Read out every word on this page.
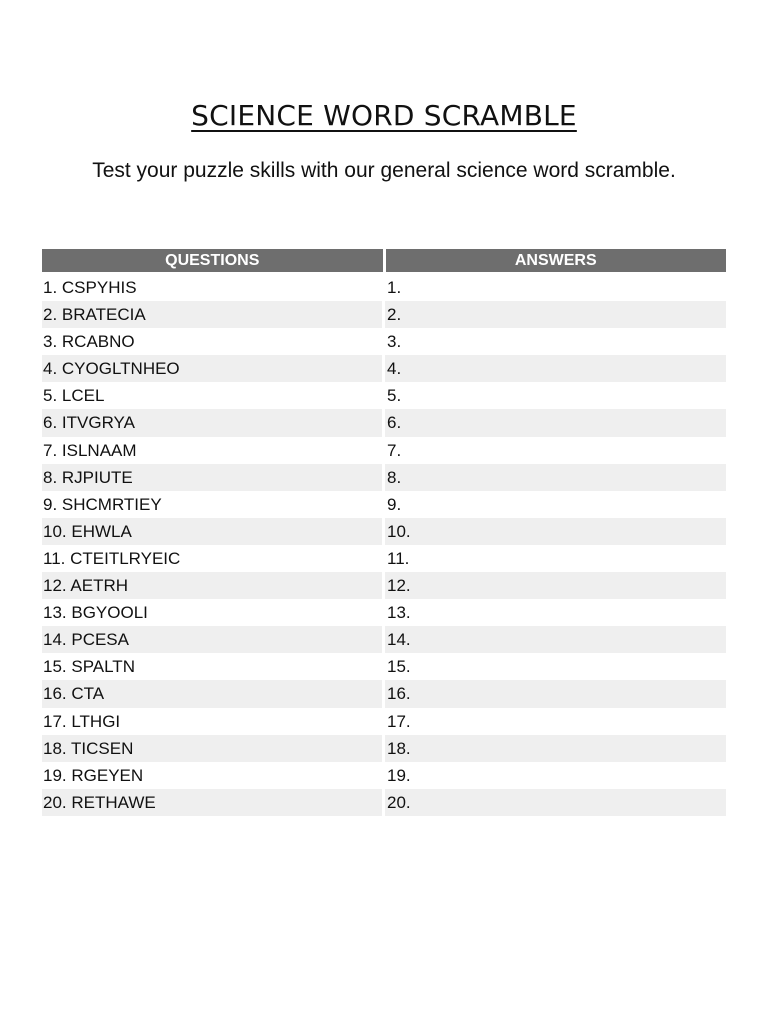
SCIENCE WORD SCRAMBLE

Test your puzzle skills with our general science word scramble.

QUESTIONS	ANSWERS
1. CSPYHIS	1.
2. BRATECIA	2.
3. RCABNO	3.
4. CYOGLTNHEO	4.
5. LCEL	5.
6. ITVGRYA	6.
7. ISLNAAM	7.
8. RJPIUTE	8.
9. SHCMRTIEY	9.
10. EHWLA	10.
11. CTEITLRYEIC	11.
12. AETRH	12.
13. BGYOOLI	13.
14. PCESA	14.
15. SPALTN	15.
16. CTA	16.
17. LTHGI	17.
18. TICSEN	18.
19. RGEYEN	19.
20. RETHAWE	20.
